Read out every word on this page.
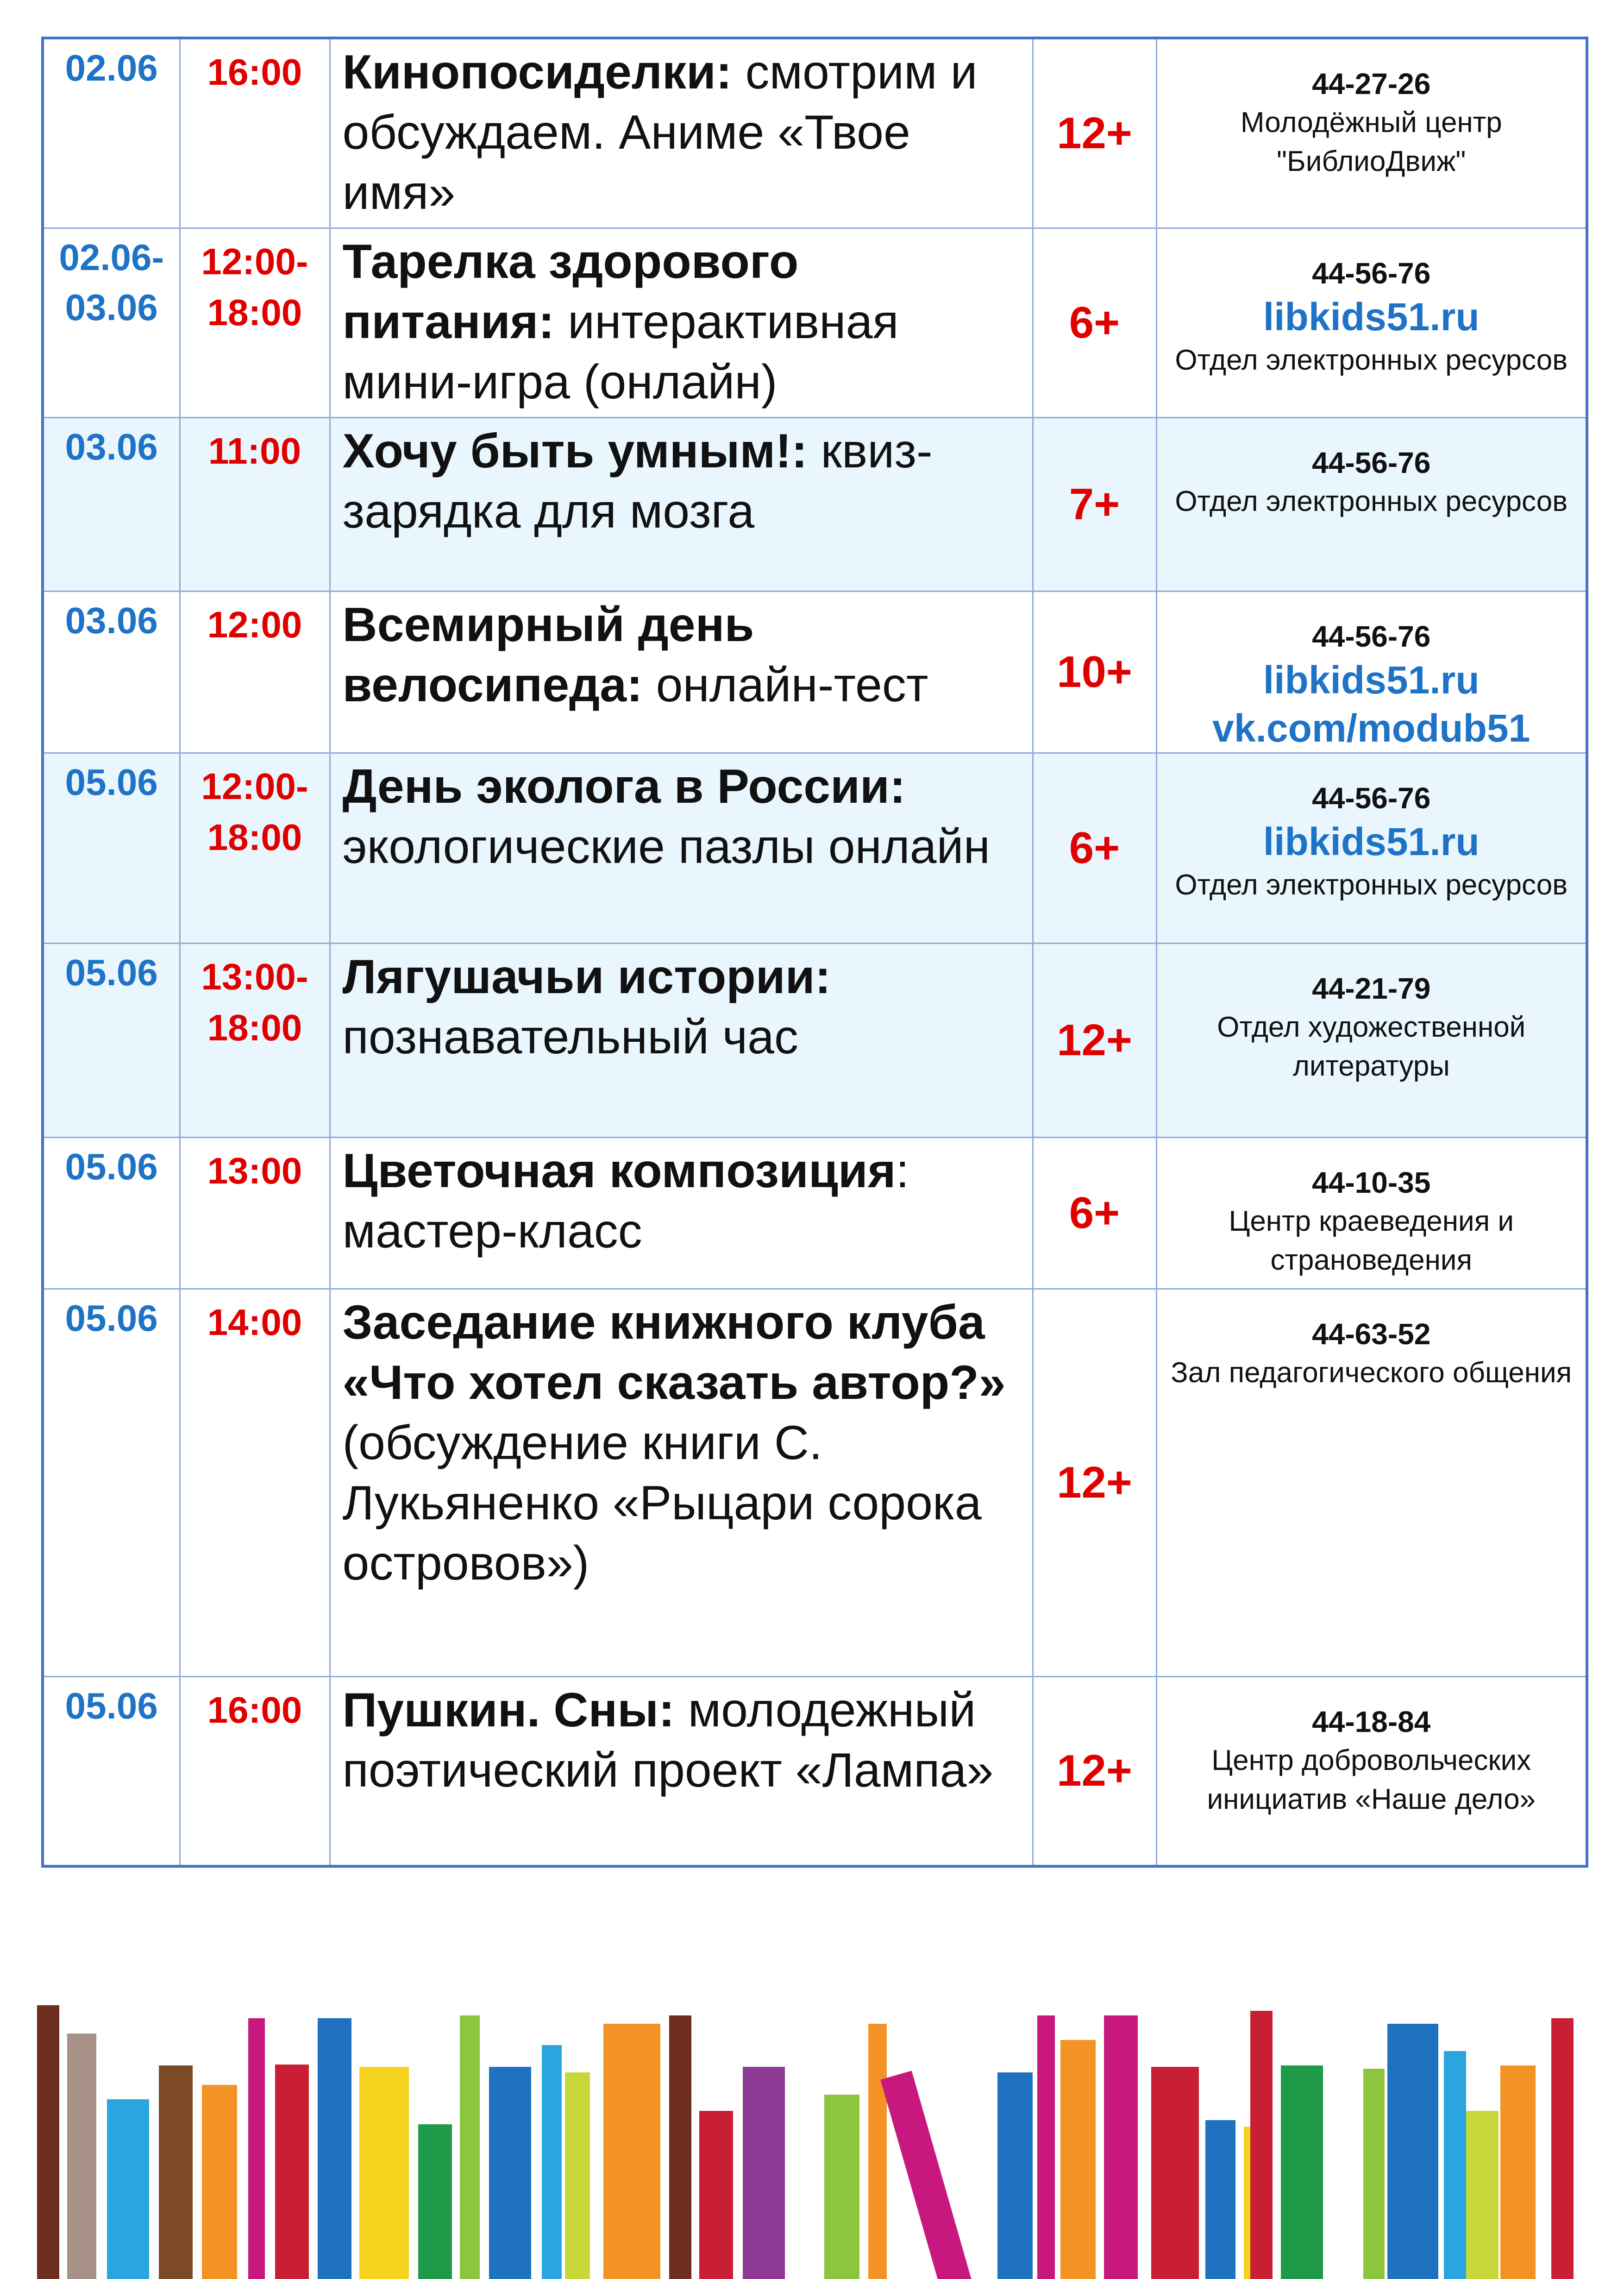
02.06	16:00	Кинопосиделки: смотрим и обсуждаем. Аниме «Твое имя»	12+	44-27-26
Молодёжный центр "БиблиоДвиж"

02.06-03.06	12:00-18:00	Тарелка здорового питания: интерактивная мини-игра (онлайн)	6+	44-56-76
libkids51.ru
Отдел электронных ресурсов

03.06	11:00	Хочу быть умным!: квиз-зарядка для мозга	7+	44-56-76
Отдел электронных ресурсов

03.06	12:00	Всемирный день велосипеда: онлайн-тест	10+	44-56-76
libkids51.ru
vk.com/modub51

05.06	12:00-18:00	День эколога в России: экологические пазлы онлайн	6+	44-56-76
libkids51.ru
Отдел электронных ресурсов

05.06	13:00-18:00	Лягушачьи истории: познавательный час	12+	44-21-79
Отдел художественной литературы

05.06	13:00	Цветочная композиция: мастер-класс	6+	44-10-35
Центр краеведения и страноведения

05.06	14:00	Заседание книжного клуба «Что хотел сказать автор?» (обсуждение книги С. Лукьяненко «Рыцари сорока островов»)	12+	44-63-52
Зал педагогического общения

05.06	16:00	Пушкин. Сны: молодежный поэтический проект «Лампа»	12+	44-18-84
Центр добровольческих инициатив «Наше дело»
